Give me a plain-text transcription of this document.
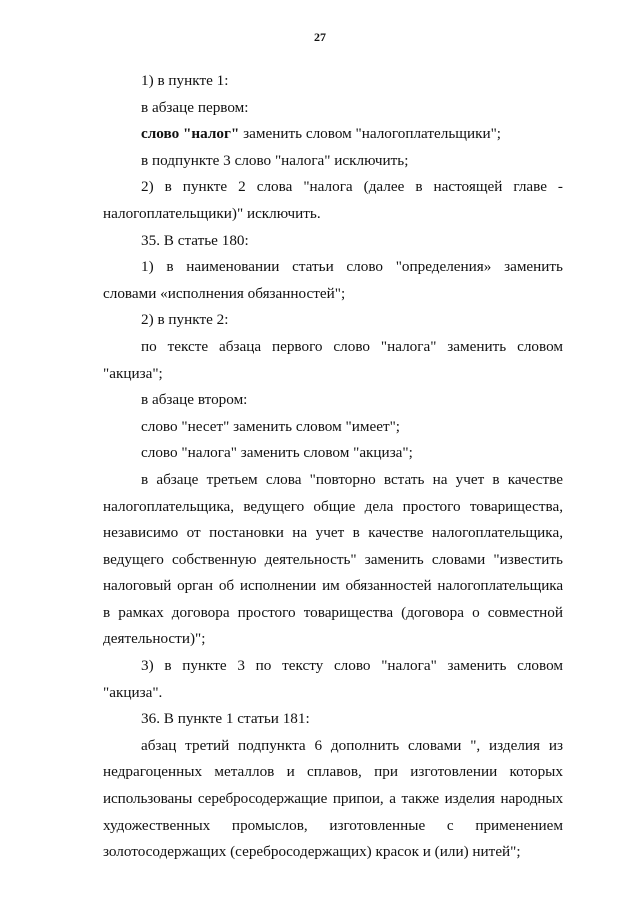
27

1) в пункте 1:

в абзаце первом:

слово "налог" заменить словом "налогоплательщики";

в подпункте 3 слово "налога" исключить;

2) в пункте 2 слова "налога (далее в настоящей главе -

налогоплательщики)" исключить.

35. В статье 180:

1) в наименовании статьи слово "определения» заменить

словами «исполнения обязанностей";

2) в пункте 2:

по тексте абзаца первого слово "налога" заменить словом

"акциза";

в абзаце втором:

слово "несет" заменить словом "имеет";

слово "налога" заменить словом "акциза";

в абзаце третьем слова "повторно встать на учет в качестве

налогоплательщика, ведущего общие дела простого товарищества,

независимо от постановки на учет в качестве налогоплательщика,

ведущего собственную деятельность" заменить словами "известить

налоговый орган об исполнении им обязанностей налогоплательщика

в рамках договора простого товарищества (договора о совместной

деятельности)";

3) в пункте 3 по тексту слово "налога" заменить словом "акциза".

36. В пункте 1 статьи 181:

абзац третий подпункта 6 дополнить словами ", изделия из

недрагоценных металлов и сплавов, при изготовлении которых

использованы серебросодержащие припои, а также изделия народных

художественных промыслов, изготовленные с применением

золотосодержащих (сереброcодержащих) красок и (или) нитей";
